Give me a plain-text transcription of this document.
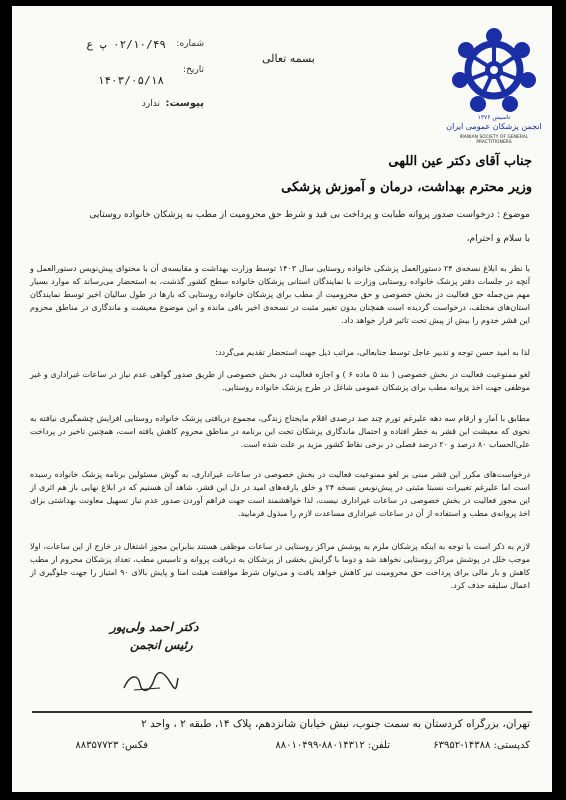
تاسیس ۱۳۷۶
انجمن پزشکان عمومی ایران
IRANIAN SOCIETY OF GENERAL PRACTITIONERS
بسمه تعالی
شماره:
۰۲/۱۰/۴۹ پ ع
تاریخ:
۱۴۰۳/۰۵/۱۸
پیوست:
ندارد
جناب آقای دکتر عین اللهی
وزیر محترم بهداشت، درمان و آموزش پزشکی
موضوع : درخواست صدور پروانه طبابت و پرداخت بی قید و شرط حق محرومیت از مطب به پزشکان خانواده روستایی
با سلام و احترام،
با نظر به ابلاغ نسخه‌ی ۲۴ دستورالعمل پزشکی خانواده روستایی سال ۱۴۰۳ توسط وزارت بهداشت و مقایسه‌ی آن با محتوای پیش‌نویس دستورالعمل و آنچه در جلسات دفتر پزشک خانواده روستایی وزارت با نمایندگان استانی پزشکان خانواده سطح کشور گذشت، به استحضار می‌رساند که موارد بسیار مهم من‌جمله حق فعالیت در بخش خصوصی و حق محرومیت از مطب برای پزشکان خانواده روستایی که بارها در طول سالیان اخیر توسط نمایندگان استان‌های مختلف، درخواست گردیده است همچنان بدون تغییر مثبت در نسخه‌ی اخیر باقی مانده و این موضوع معیشت و ماندگاری در مناطق محروم این قشر خدوم را بیش از پیش تحت تاثیر قرار خواهد داد.
لذا به امید حسن توجه و تدبیر عاجل توسط جنابعالی، مراتب ذیل جهت استحضار تقدیم می‌گردد:
لغو ممنوعیت فعالیت در بخش خصوصی ( بند ۵ ماده ۶ ) و اجازه فعالیت در بخش خصوصی از طریق صدور گواهی عدم نیاز در ساعات غیراداری و غیر موظفی جهت اخذ پروانه مطب برای پزشکان عمومی شاغل در طرح پزشک خانواده روستایی.
مطابق با آمار و ارقام سه دهه علیرغم تورم چند صد درصدی اقلام مایحتاج زندگی، مجموع دریافتی پزشک خانواده روستایی افزایش چشمگیری نیافته به نحوی که معیشت این قشر به خطر افتاده و احتمال ماندگاری پزشکان تحت این برنامه در مناطق محروم کاهش یافته است، همچنین تاخیر در پرداخت علی‌الحساب ۸۰ درصد و ۲۰ درصد فصلی در برخی نقاط کشور مزید بر علت شده است.
درخواست‌های مکرر این قشر مبنی بر لغو ممنوعیت فعالیت در بخش خصوصی در ساعات غیراداری، به گوش مسئولین برنامه پزشک خانواده رسیده است اما علیرغم تغییرات نسبتا مثبتی در پیش‌نویس نسخه ۲۴ و خلق بارقه‌های امید در دل این قشر، شاهد آن هستیم که در ابلاغ نهایی باز هم اثری از این مجوز فعالیت در بخش خصوصی در ساعات غیراداری نیست، لذا خواهشمند است جهت فراهم آوردن صدور عدم نیاز تسهیل معاونت بهداشتی برای اخذ پروانه‌ی مطب و استفاده از آن در ساعات غیراداری مساعدت لازم را مبذول فرمایید.
لازم به ذکر است با توجه به اینکه پزشکان ملزم به پوشش مراکز روستایی در ساعات موظفی هستند بنابراین مجوز اشتغال در خارج از این ساعات، اولا موجب خلل در پوشش مراکز روستایی نخواهد شد و دوما با گرایش بخشی از پزشکان به دریافت پروانه و تاسیس مطب، تعداد پزشکان محروم از مطب کاهش و بار مالی برای پرداخت حق محرومیت نیز کاهش خواهد یافت و می‌توان شرط موافقت هیئت امنا و پایش بالای ۹۰ امتیاز را جهت جلوگیری از اعمال سلیقه حذف کرد.
دکتر احمد ولی‌پور
رئیس انجمن
تهران، بزرگراه کردستان به سمت جنوب، نبش خیابان شانزدهم، پلاک ۱۴، طبقه ۲ ، واحد ۲
کدپستی: ۱۴۳۸۸-۶۳۹۵۲
تلفن: ۸۸۰۱۴۳۱۲-۸۸۰۱۰۴۹۹
فکس: ۸۸۳۵۷۷۲۳
